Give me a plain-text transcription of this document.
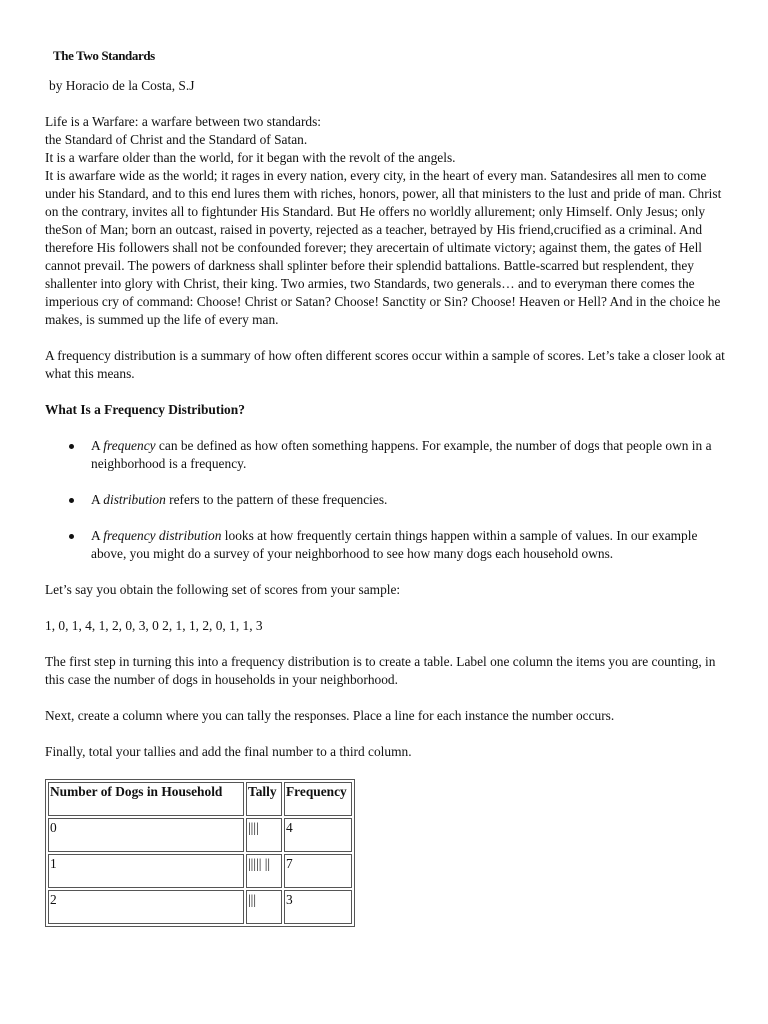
The Two Standards
by Horacio de la Costa, S.J

Life is a Warfare: a warfare between two standards:

the Standard of Christ and the Standard of Satan.

It is a warfare older than the world, for it began with the revolt of the angels.

It is awarfare wide as the world; it rages in every nation, every city, in the heart of every man. Satandesires all men to come under his Standard, and to this end lures them with riches, honors, power, all that ministers to the lust and pride of man. Christ on the contrary, invites all to fightunder His Standard. But He offers no worldly allurement; only Himself. Only Jesus; only theSon of Man; born an outcast, raised in poverty, rejected as a teacher, betrayed by His friend,crucified as a criminal. And therefore His followers shall not be confounded forever; they arecertain of ultimate victory; against them, the gates of Hell cannot prevail. The powers of darkness shall splinter before their splendid battalions. Battle-scarred but resplendent, they shallenter into glory with Christ, their king. Two armies, two Standards, two generals… and to everyman there comes the imperious cry of command: Choose! Christ or Satan? Choose! Sanctity or Sin? Choose! Heaven or Hell? And in the choice he makes, is summed up the life of every man.

A frequency distribution is a summary of how often different scores occur within a sample of scores. Let’s take a closer look at what this means.

What Is a Frequency Distribution?
A frequency can be defined as how often something happens. For example, the number of dogs that people own in a neighborhood is a frequency.
A distribution refers to the pattern of these frequencies.
A frequency distribution looks at how frequently certain things happen within a sample of values. In our example above, you might do a survey of your neighborhood to see how many dogs each household owns.

Let’s say you obtain the following set of scores from your sample:

1, 0, 1, 4, 1, 2, 0, 3, 0 2, 1, 1, 2, 0, 1, 1, 3

The first step in turning this into a frequency distribution is to create a table. Label one column the items you are counting, in this case the number of dogs in households in your neighborhood.

Next, create a column where you can tally the responses. Place a line for each instance the number occurs.

Finally, total your tallies and add the final number to a third column.

Number of Dogs in Household	Tally	Frequency
0	||||	4
1	||||| ||	7
2	|||	3
